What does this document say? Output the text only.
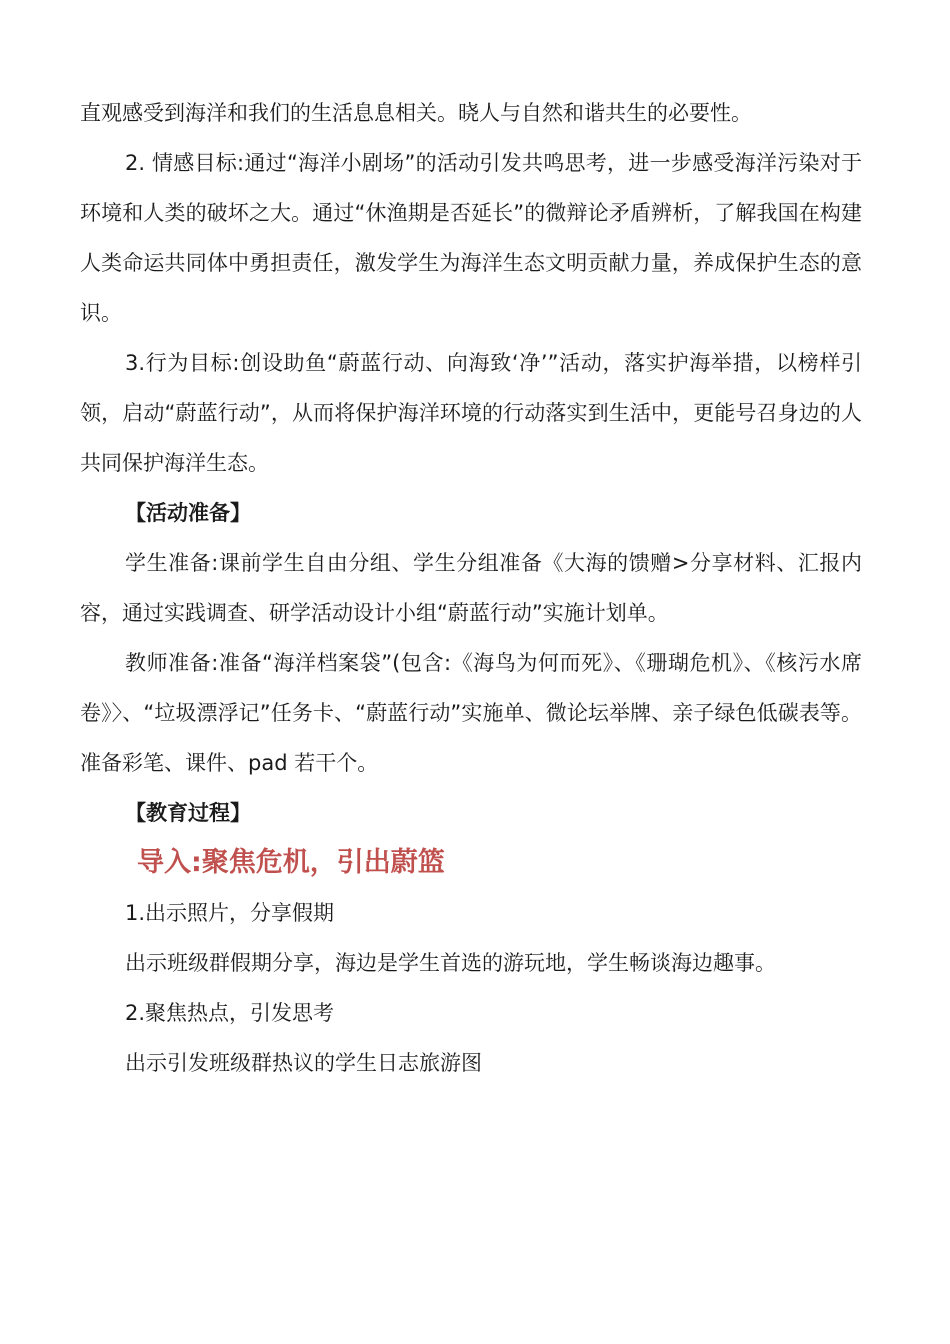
直观感受到海洋和我们的生活息息相关。晓人与自然和谐共生的必要性。

2. 情感目标:通过“海洋小剧场”的活动引发共鸣思考，进一步感受海洋污染对于环境和人类的破坏之大。通过“休渔期是否延长”的微辩论矛盾辨析，了解我国在构建人类命运共同体中勇担责任，激发学生为海洋生态文明贡献力量，养成保护生态的意识。

3.行为目标:创设助鱼“蔚蓝行动、向海致‘净’”活动，落实护海举措，以榜样引领，启动“蔚蓝行动”，从而将保护海洋环境的行动落实到生活中，更能号召身边的人共同保护海洋生态。

【活动准备】

学生准备:课前学生自由分组、学生分组准备《大海的馈赠>分享材料、汇报内容，通过实践调查、研学活动设计小组“蔚蓝行动”实施计划单。

教师准备:准备“海洋档案袋”(包含:《海鸟为何而死》、《珊瑚危机》、《核污水席卷》〉、“垃圾漂浮记”任务卡、“蔚蓝行动”实施单、微论坛举牌、亲子绿色低碳表等。准备彩笔、课件、pad 若干个。

【教育过程】

导入:聚焦危机，引出蔚篮

1.出示照片，分享假期

出示班级群假期分享，海边是学生首选的游玩地，学生畅谈海边趣事。

2.聚焦热点，引发思考

出示引发班级群热议的学生日志旅游图
